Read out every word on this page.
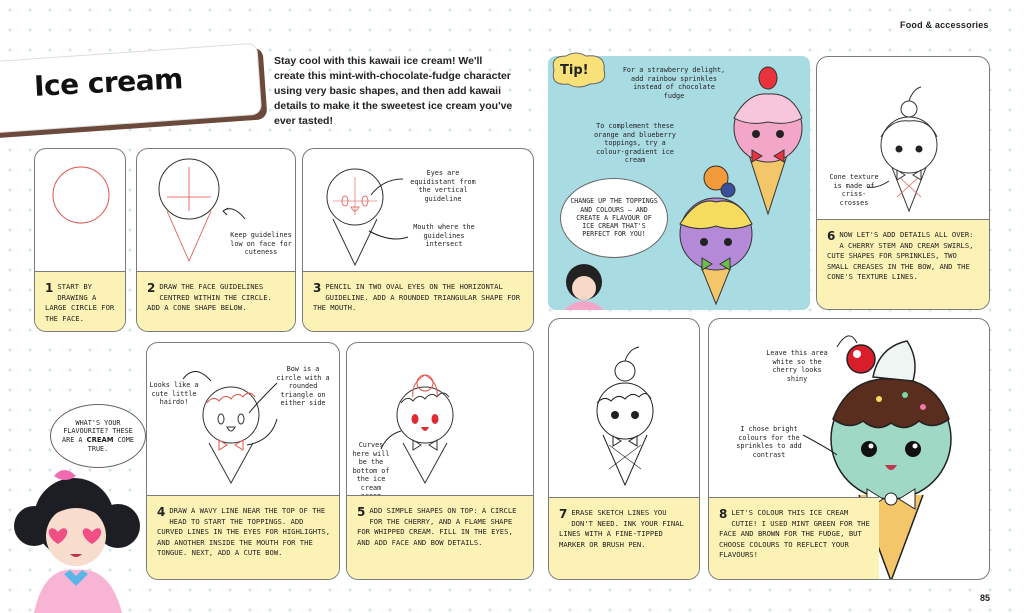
Food & accessories
85
Ice cream
Stay cool with this kawaii ice cream! We'll create this mint-with-chocolate-fudge character using very basic shapes, and then add kawaii details to make it the sweetest ice cream you've ever tasted!
1 START BY DRAWING A LARGE CIRCLE FOR THE FACE.
Keep guidelines low on face for cuteness
2 DRAW THE FACE GUIDELINES CENTRED WITHIN THE CIRCLE. ADD A CONE SHAPE BELOW.
Eyes are equidistant from the vertical guideline
Mouth where the guidelines intersect
3 PENCIL IN TWO OVAL EYES ON THE HORIZONTAL GUIDELINE. ADD A ROUNDED TRIANGULAR SHAPE FOR THE MOUTH.
For a strawberry delight, add rainbow sprinkles instead of chocolate fudge
To complement these orange and blueberry toppings, try a colour-gradient ice cream
CHANGE UP THE TOPPINGS AND COLOURS – AND CREATE A FLAVOUR OF ICE CREAM THAT'S PERFECT FOR YOU!
Tip!
Cone texture is made of criss-crosses
6 NOW LET'S ADD DETAILS ALL OVER: A CHERRY STEM AND CREAM SWIRLS, CUTE SHAPES FOR SPRINKLES, TWO SMALL CREASES IN THE BOW, AND THE CONE'S TEXTURE LINES.
WHAT'S YOUR FLAVOURITE? THESE ARE A CREAM COME TRUE.
Looks like a cute little hairdo!
Bow is a circle with a rounded triangle on either side
4 DRAW A WAVY LINE NEAR THE TOP OF THE HEAD TO START THE TOPPINGS. ADD CURVED LINES IN THE EYES FOR HIGHLIGHTS, AND ANOTHER INSIDE THE MOUTH FOR THE TONGUE. NEXT, ADD A CUTE BOW.
Curves here will be the bottom of the ice cream
5 ADD SIMPLE SHAPES ON TOP: A CIRCLE FOR THE CHERRY, AND A FLAME SHAPE FOR WHIPPED CREAM. FILL IN THE EYES, AND ADD FACE AND BOW DETAILS.
7 ERASE SKETCH LINES YOU DON'T NEED. INK YOUR FINAL LINES WITH A FINE-TIPPED MARKER OR BRUSH PEN.
Leave this area white so the cherry looks shiny
I chose bright colours for the sprinkles to add contrast
8 LET'S COLOUR THIS ICE CREAM CUTIE! I USED MINT GREEN FOR THE FACE AND BROWN FOR THE FUDGE, BUT CHOOSE COLOURS TO REFLECT YOUR FLAVOURS!
